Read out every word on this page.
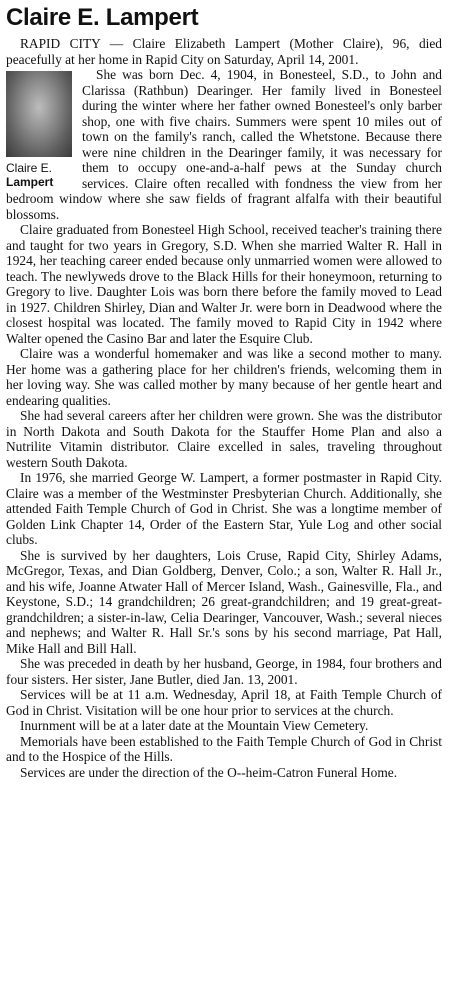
Claire E. Lampert

RAPID CITY — Claire Elizabeth Lampert (Mother Claire), 96, died peacefully at her home in Rapid City on Saturday, April 14, 2001.

Claire E.
Lampert

She was born Dec. 4, 1904, in Bonesteel, S.D., to John and Clarissa (Rathbun) Dearinger. Her family lived in Bonesteel during the winter where her father owned Bonesteel's only barber shop, one with five chairs. Summers were spent 10 miles out of town on the family's ranch, called the Whetstone. Because there were nine children in the Dearinger family, it was necessary for them to occupy one-and-a-half pews at the Sunday church services. Claire often recalled with fondness the view from her bedroom window where she saw fields of fragrant alfalfa with their beautiful blossoms.

Claire graduated from Bonesteel High School, received teacher's training there and taught for two years in Gregory, S.D. When she married Walter R. Hall in 1924, her teaching career ended because only unmarried women were allowed to teach. The newlyweds drove to the Black Hills for their honeymoon, returning to Gregory to live. Daughter Lois was born there before the family moved to Lead in 1927. Children Shirley, Dian and Walter Jr. were born in Deadwood where the closest hospital was located. The family moved to Rapid City in 1942 where Walter opened the Casino Bar and later the Esquire Club.

Claire was a wonderful homemaker and was like a second mother to many. Her home was a gathering place for her children's friends, welcoming them in her loving way. She was called mother by many because of her gentle heart and endearing qualities.

She had several careers after her children were grown. She was the distributor in North Dakota and South Dakota for the Stauffer Home Plan and also a Nutrilite Vitamin distributor. Claire excelled in sales, traveling throughout western South Dakota.

In 1976, she married George W. Lampert, a former postmaster in Rapid City. Claire was a member of the Westminster Presbyterian Church. Additionally, she attended Faith Temple Church of God in Christ. She was a longtime member of Golden Link Chapter 14, Order of the Eastern Star, Yule Log and other social clubs.

She is survived by her daughters, Lois Cruse, Rapid City, Shirley Adams, McGregor, Texas, and Dian Goldberg, Denver, Colo.; a son, Walter R. Hall Jr., and his wife, Joanne Atwater Hall of Mercer Island, Wash., Gainesville, Fla., and Keystone, S.D.; 14 grandchildren; 26 great-grandchildren; and 19 great-great-grandchildren; a sister-in-law, Celia Dearinger, Vancouver, Wash.; several nieces and nephews; and Walter R. Hall Sr.'s sons by his second marriage, Pat Hall, Mike Hall and Bill Hall.

She was preceded in death by her husband, George, in 1984, four brothers and four sisters. Her sister, Jane Butler, died Jan. 13, 2001.

Services will be at 11 a.m. Wednesday, April 18, at Faith Temple Church of God in Christ. Visitation will be one hour prior to services at the church.

Inurnment will be at a later date at the Mountain View Cemetery.

Memorials have been established to the Faith Temple Church of God in Christ and to the Hospice of the Hills.

Services are under the direction of the O--heim-Catron Funeral Home.
